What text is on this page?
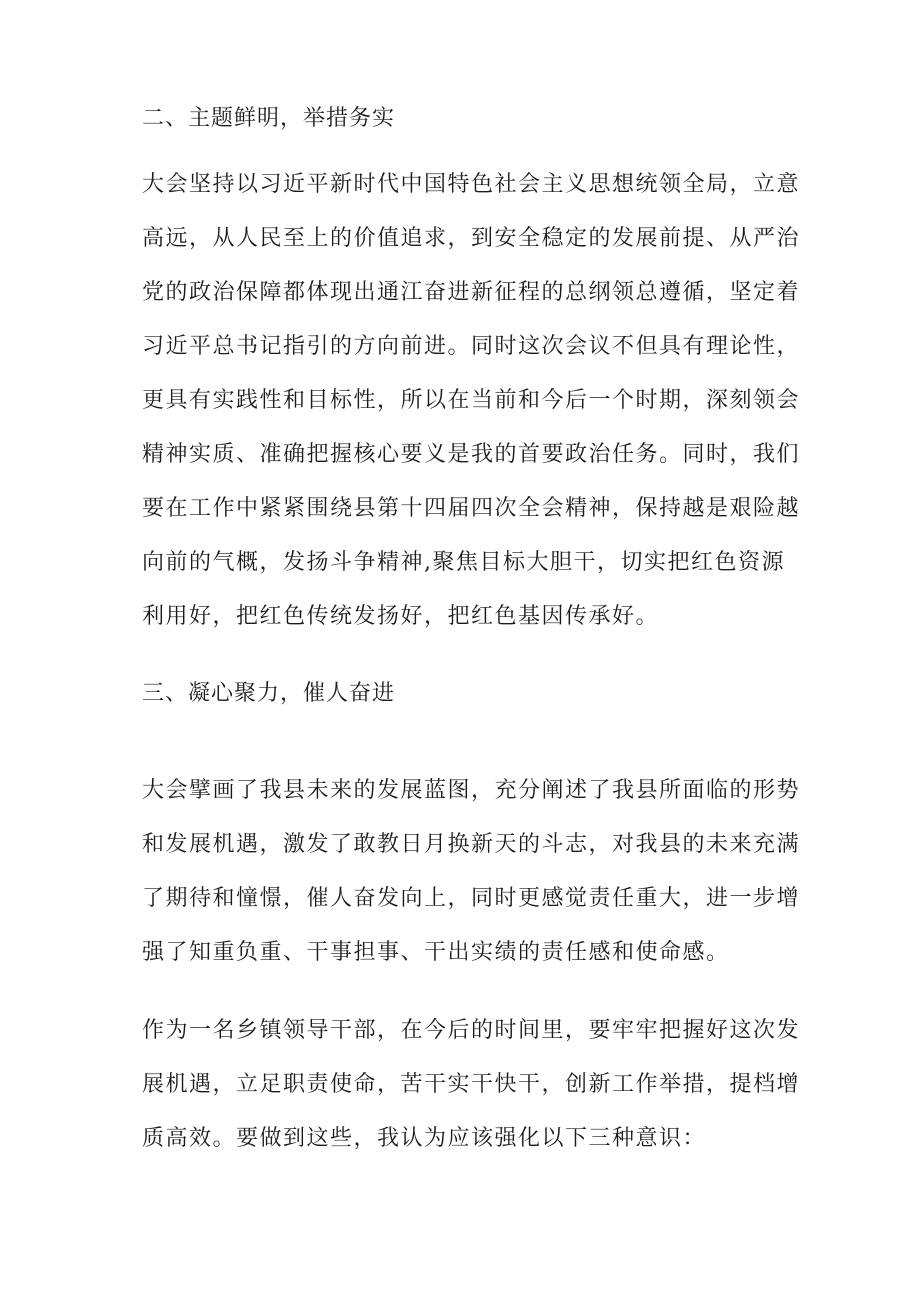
二、主题鲜明，举措务实
大会坚持以习近平新时代中国特色社会主义思想统领全局，立意
高远，从人民至上的价值追求，到安全稳定的发展前提、从严治
党的政治保障都体现出通江奋进新征程的总纲领总遵循，坚定着
习近平总书记指引的方向前进。同时这次会议不但具有理论性，
更具有实践性和目标性，所以在当前和今后一个时期，深刻领会
精神实质、准确把握核心要义是我的首要政治任务。同时，我们
要在工作中紧紧围绕县第十四届四次全会精神，保持越是艰险越
向前的气概，发扬斗争精神,聚焦目标大胆干，切实把红色资源
利用好，把红色传统发扬好，把红色基因传承好。
三、凝心聚力，催人奋进
大会擘画了我县未来的发展蓝图，充分阐述了我县所面临的形势
和发展机遇，激发了敢教日月换新天的斗志，对我县的未来充满
了期待和憧憬，催人奋发向上，同时更感觉责任重大，进一步增
强了知重负重、干事担事、干出实绩的责任感和使命感。
作为一名乡镇领导干部，在今后的时间里，要牢牢把握好这次发
展机遇，立足职责使命，苦干实干快干，创新工作举措，提档增
质高效。要做到这些，我认为应该强化以下三种意识：
